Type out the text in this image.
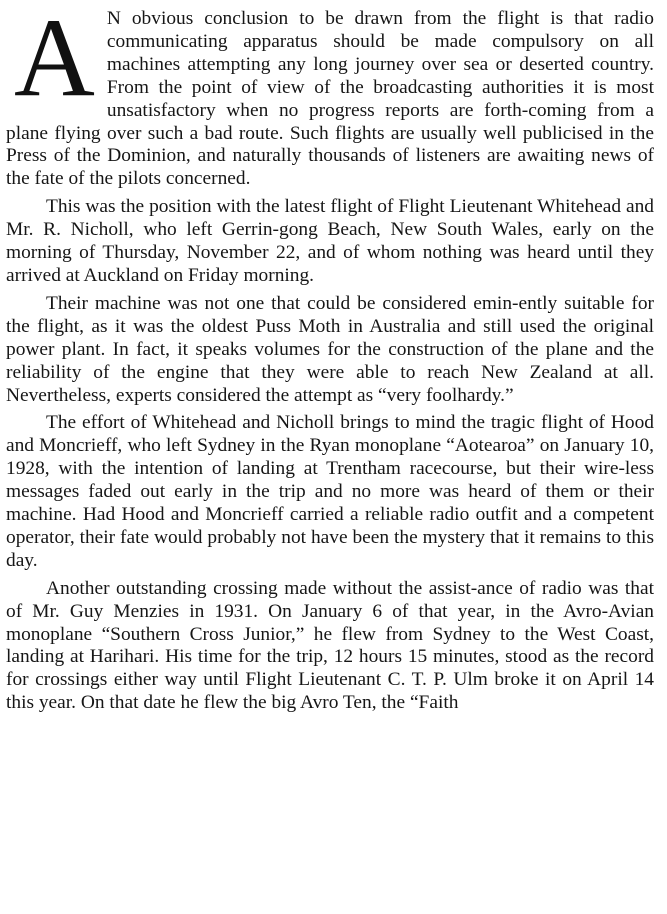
A N obvious conclusion to be drawn from the flight is that radio communicating apparatus should be made compulsory on all machines attempting any long journey over sea or deserted country. From the point of view of the broadcasting authorities it is most unsatisfactory when no progress reports are forth-coming from a plane flying over such a bad route. Such flights are usually well publicised in the Press of the Dominion, and naturally thousands of listeners are awaiting news of the fate of the pilots concerned.

This was the position with the latest flight of Flight Lieutenant Whitehead and Mr. R. Nicholl, who left Gerrin-gong Beach, New South Wales, early on the morning of Thursday, November 22, and of whom nothing was heard until they arrived at Auckland on Friday morning.

Their machine was not one that could be considered emin-ently suitable for the flight, as it was the oldest Puss Moth in Australia and still used the original power plant. In fact, it speaks volumes for the construction of the plane and the reliability of the engine that they were able to reach New Zealand at all. Nevertheless, experts considered the attempt as “very foolhardy.”

The effort of Whitehead and Nicholl brings to mind the tragic flight of Hood and Moncrieff, who left Sydney in the Ryan monoplane “Aotearoa” on January 10, 1928, with the intention of landing at Trentham racecourse, but their wire-less messages faded out early in the trip and no more was heard of them or their machine. Had Hood and Moncrieff carried a reliable radio outfit and a competent operator, their fate would probably not have been the mystery that it remains to this day.

Another outstanding crossing made without the assist-ance of radio was that of Mr. Guy Menzies in 1931. On January 6 of that year, in the Avro-Avian monoplane “Southern Cross Junior,” he flew from Sydney to the West Coast, landing at Harihari. His time for the trip, 12 hours 15 minutes, stood as the record for crossings either way until Flight Lieutenant C. T. P. Ulm broke it on April 14 this year. On that date he flew the big Avro Ten, the “Faith
